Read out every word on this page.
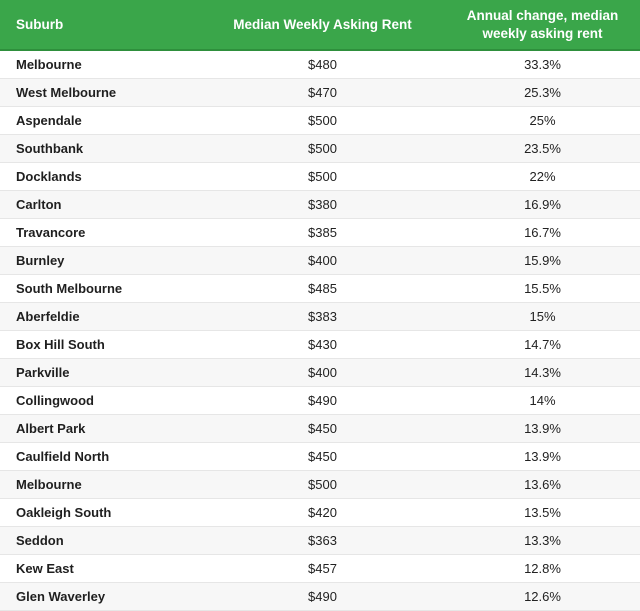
Suburb	Median Weekly Asking Rent	Annual change, median
weekly asking rent
Melbourne	$480	33.3%
West Melbourne	$470	25.3%
Aspendale	$500	25%
Southbank	$500	23.5%
Docklands	$500	22%
Carlton	$380	16.9%
Travancore	$385	16.7%
Burnley	$400	15.9%
South Melbourne	$485	15.5%
Aberfeldie	$383	15%
Box Hill South	$430	14.7%
Parkville	$400	14.3%
Collingwood	$490	14%
Albert Park	$450	13.9%
Caulfield North	$450	13.9%
Melbourne	$500	13.6%
Oakleigh South	$420	13.5%
Seddon	$363	13.3%
Kew East	$457	12.8%
Glen Waverley	$490	12.6%
